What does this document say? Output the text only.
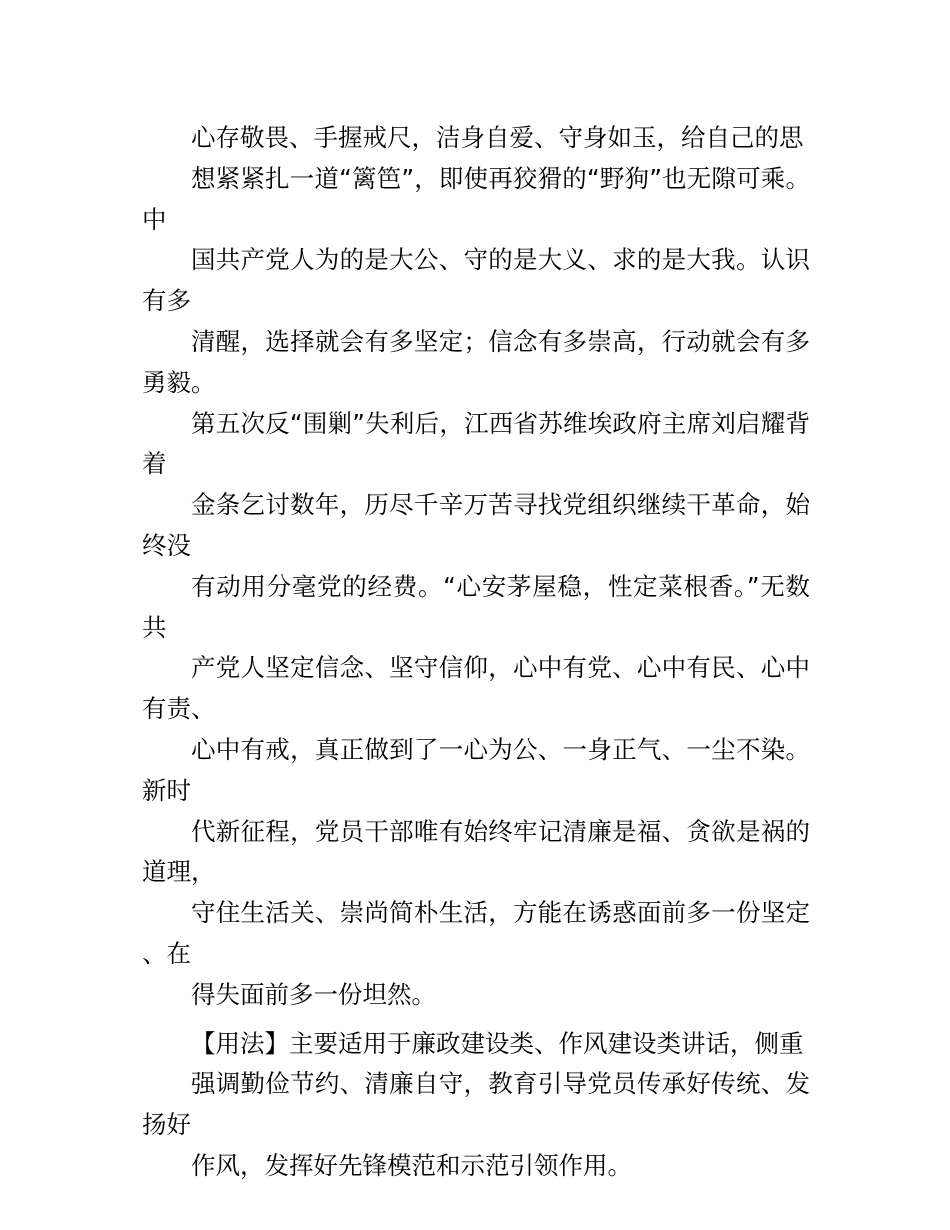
心存敬畏、手握戒尺，洁身自爱、守身如玉，给自己的思
想紧紧扎一道“篱笆”，即使再狡猾的“野狗”也无隙可乘。中
国共产党人为的是大公、守的是大义、求的是大我。认识有多
清醒，选择就会有多坚定；信念有多崇高，行动就会有多勇毅。
第五次反“围剿”失利后，江西省苏维埃政府主席刘启耀背着
金条乞讨数年，历尽千辛万苦寻找党组织继续干革命，始终没
有动用分毫党的经费。“心安茅屋稳，性定菜根香。”无数共
产党人坚定信念、坚守信仰，心中有党、心中有民、心中有责、
心中有戒，真正做到了一心为公、一身正气、一尘不染。新时
代新征程，党员干部唯有始终牢记清廉是福、贪欲是祸的道理，
守住生活关、崇尚简朴生活，方能在诱惑面前多一份坚定、在
得失面前多一份坦然。

【用法】主要适用于廉政建设类、作风建设类讲话，侧重
强调勤俭节约、清廉自守，教育引导党员传承好传统、发扬好
作风，发挥好先锋模范和示范引领作用。
